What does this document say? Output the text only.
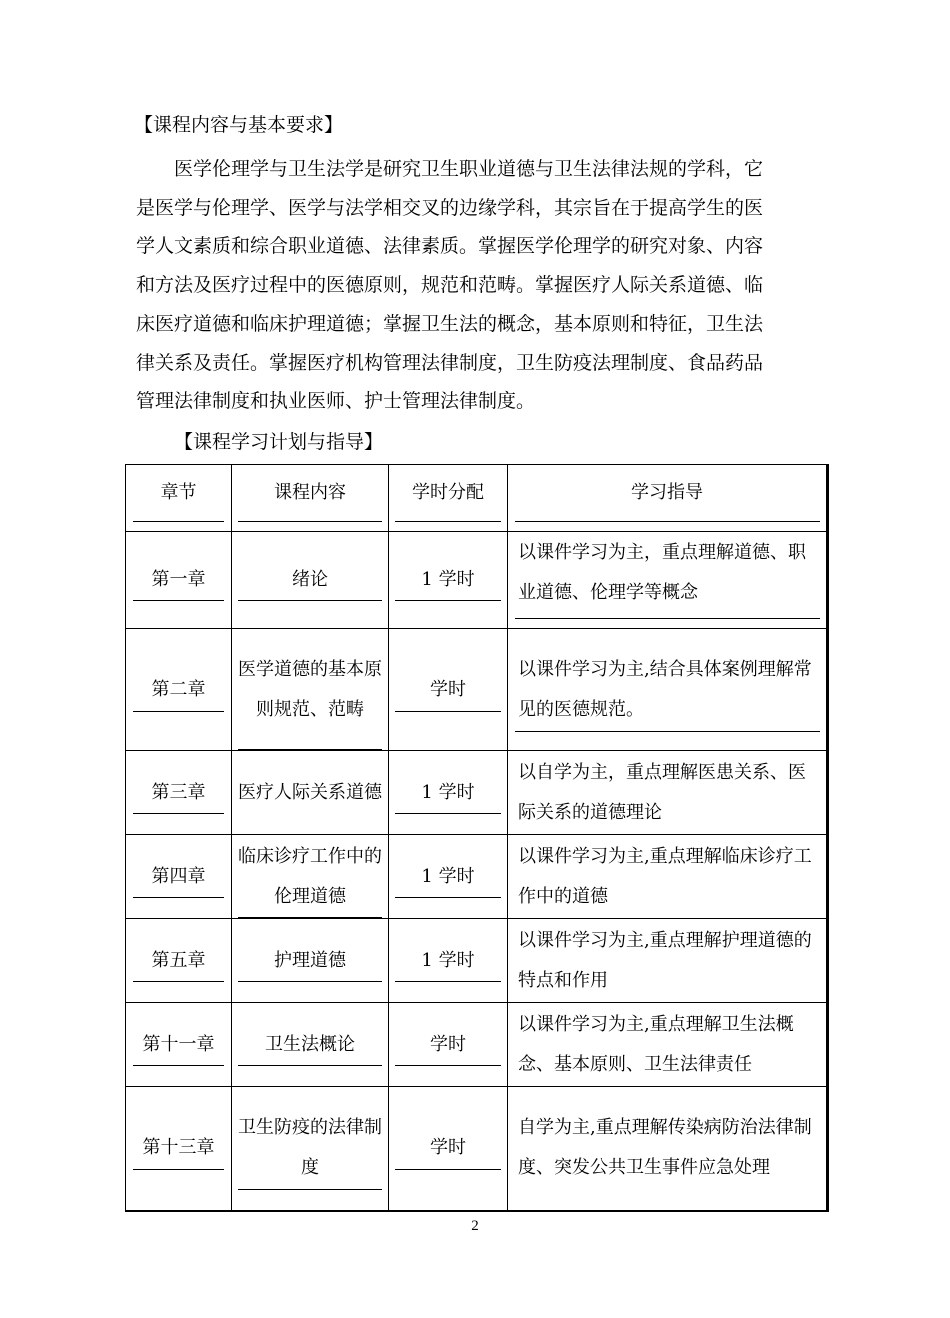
【课程内容与基本要求】
医学伦理学与卫生法学是研究卫生职业道德与卫生法律法规的学科，它
是医学与伦理学、医学与法学相交叉的边缘学科，其宗旨在于提高学生的医
学人文素质和综合职业道德、法律素质。掌握医学伦理学的研究对象、内容
和方法及医疗过程中的医德原则，规范和范畴。掌握医疗人际关系道德、临
床医疗道德和临床护理道德；掌握卫生法的概念，基本原则和特征，卫生法
律关系及责任。掌握医疗机构管理法律制度，卫生防疫法理制度、食品药品
管理法律制度和执业医师、护士管理法律制度。
【课程学习计划与指导】
章节	课程内容	学时分配	学习指导

第一章	绪论	1 学时	以课件学习为主，重点理解道德、职业道德、伦理学等概念

第二章	医学道德的基本原则规范、范畴	学时	以课件学习为主,结合具体案例理解常见的医德规范。

第三章	医疗人际关系道德	1 学时	以自学为主，重点理解医患关系、医际关系的道德理论
第四章	临床诊疗工作中的伦理道德	1 学时	以课件学习为主,重点理解临床诊疗工作中的道德
第五章	护理道德	1 学时	以课件学习为主,重点理解护理道德的特点和作用
第十一章	卫生法概论	学时	以课件学习为主,重点理解卫生法概念、基本原则、卫生法律责任
第十三章	卫生防疫的法律制度	学时	自学为主,重点理解传染病防治法律制度、突发公共卫生事件应急处理
2
